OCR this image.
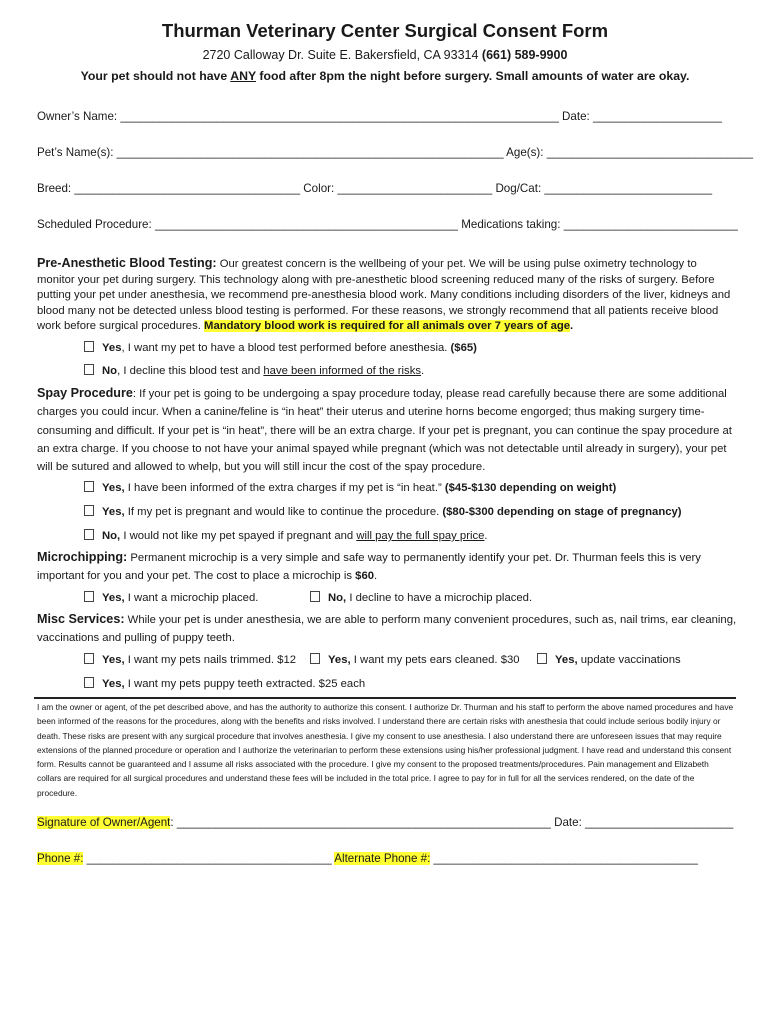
Thurman Veterinary Center Surgical Consent Form
2720 Calloway Dr. Suite E. Bakersfield, CA 93314 (661) 589-9900
Your pet should not have ANY food after 8pm the night before surgery. Small amounts of water are okay.
Owner’s Name: ____________________________________________________________________ Date: ____________________
Pet’s Name(s): ____________________________________________________________ Age(s): ________________________________
Breed: ___________________________________ Color: ________________________ Dog/Cat: __________________________
Scheduled Procedure: _______________________________________________ Medications taking: ___________________________
Pre-Anesthetic Blood Testing: Our greatest concern is the wellbeing of your pet. We will be using pulse oximetry technology to monitor your pet during surgery. This technology along with pre-anesthetic blood screening reduced many of the risks of surgery. Before putting your pet under anesthesia, we recommend pre-anesthesia blood work. Many conditions including disorders of the liver, kidneys and blood many not be detected unless blood testing is performed. For these reasons, we strongly recommend that all patients receive blood work before surgical procedures. Mandatory blood work is required for all animals over 7 years of age.
Yes, I want my pet to have a blood test performed before anesthesia. ($65)
No, I decline this blood test and have been informed of the risks.
Spay Procedure: If your pet is going to be undergoing a spay procedure today, please read carefully because there are some additional charges you could incur. When a canine/feline is “in heat” their uterus and uterine horns become engorged; thus making surgery time-consuming and difficult. If your pet is “in heat”, there will be an extra charge. If your pet is pregnant, you can continue the spay procedure at an extra charge. If you choose to not have your animal spayed while pregnant (which was not detectable until already in surgery), your pet will be sutured and allowed to whelp, but you will still incur the cost of the spay procedure.
Yes, I have been informed of the extra charges if my pet is “in heat.” ($45-$130 depending on weight)
Yes, If my pet is pregnant and would like to continue the procedure. ($80-$300 depending on stage of pregnancy)
No, I would not like my pet spayed if pregnant and will pay the full spay price.
Microchipping: Permanent microchip is a very simple and safe way to permanently identify your pet. Dr. Thurman feels this is very important for you and your pet. The cost to place a microchip is $60.
Yes, I want a microchip placed.	No, I decline to have a microchip placed.
Misc Services: While your pet is under anesthesia, we are able to perform many convenient procedures, such as, nail trims, ear cleaning, vaccinations and pulling of puppy teeth.
Yes, I want my pets nails trimmed. $12	Yes, I want my pets ears cleaned. $30	Yes, update vaccinations
Yes, I want my pets puppy teeth extracted. $25 each
I am the owner or agent, of the pet described above, and has the authority to authorize this consent. I authorize Dr. Thurman and his staff to perform the above named procedures and have been informed of the reasons for the procedures, along with the benefits and risks involved. I understand there are certain risks with anesthesia that could include serious bodily injury or death. These risks are present with any surgical procedure that involves anesthesia. I give my consent to use anesthesia. I also understand there are unforeseen issues that may require extensions of the planned procedure or operation and I authorize the veterinarian to perform these extensions using his/her professional judgment. I have read and understand this consent form. Results cannot be guaranteed and I assume all risks associated with the procedure. I give my consent to the proposed treatments/procedures. Pain management and Elizabeth collars are required for all surgical procedures and understand these fees will be included in the total price. I agree to pay for in full for all the services rendered, on the date of the procedure.
Signature of Owner/Agent: __________________________________________________________ Date: _______________________
Phone #: ______________________________________ Alternate Phone #: _________________________________________
